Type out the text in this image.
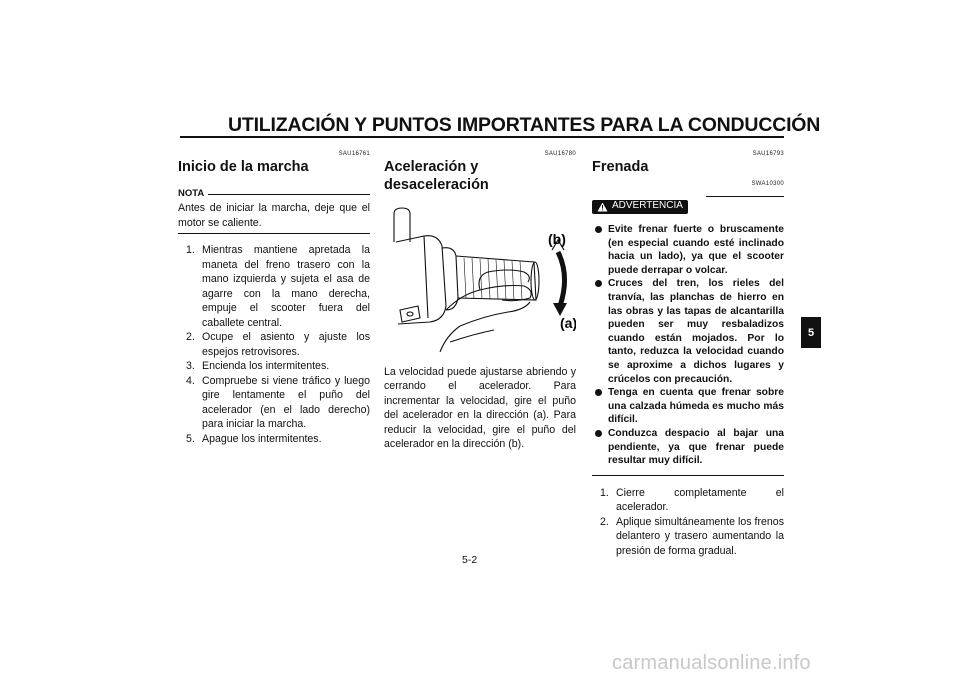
UTILIZACIÓN Y PUNTOS IMPORTANTES PARA LA CONDUCCIÓN
SAU16761
Inicio de la marcha
NOTA

Antes de iniciar la marcha, deje que el motor se caliente.

1. Mientras mantiene apretada la maneta del freno trasero con la mano izquierda y sujeta el asa de agarre con la mano derecha, empuje el scooter fuera del caballete central.
2. Ocupe el asiento y ajuste los espejos retrovisores.
3. Encienda los intermitentes.
4. Compruebe si viene tráfico y luego gire lentamente el puño del acelerador (en el lado derecho) para iniciar la marcha.
5. Apague los intermitentes.
SAU16780
Aceleración y desaceleración
(b)
(a)

La velocidad puede ajustarse abriendo y cerrando el acelerador. Para incrementar la velocidad, gire el puño del acelerador en la dirección (a). Para reducir la velocidad, gire el puño del acelerador en la dirección (b).

SAU16793
Frenada
SWA10300
ADVERTENCIA
Evite frenar fuerte o bruscamente (en especial cuando esté inclinado hacia un lado), ya que el scooter puede derrapar o volcar.
Cruces del tren, los rieles del tranvía, las planchas de hierro en las obras y las tapas de alcantarilla pueden ser muy resbaladizos cuando están mojados. Por lo tanto, reduzca la velocidad cuando se aproxime a dichos lugares y crúcelos con precaución.
Tenga en cuenta que frenar sobre una calzada húmeda es mucho más difícil.
Conduzca despacio al bajar una pendiente, ya que frenar puede resultar muy difícil.
1. Cierre completamente el acelerador.
2. Aplique simultáneamente los frenos delantero y trasero aumentando la presión de forma gradual.
5-2
5
carmanualsonline.info
